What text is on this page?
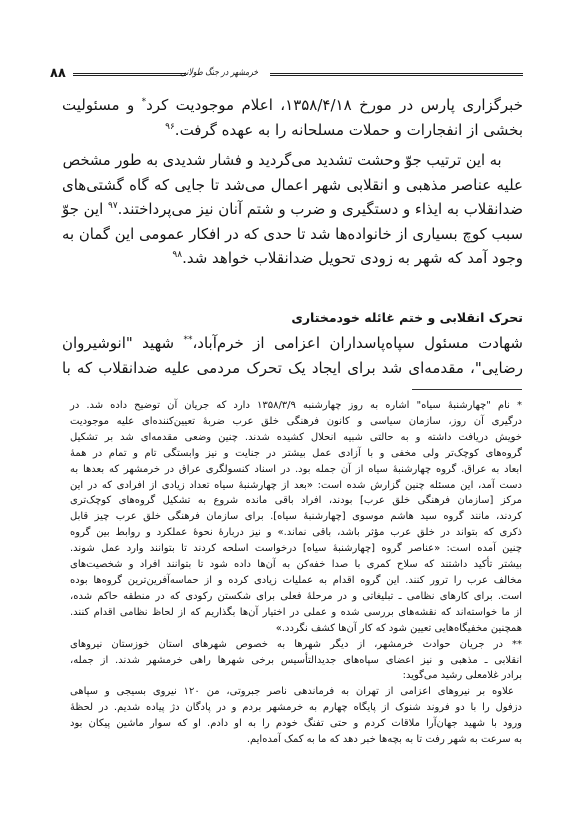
۸۸	خرمشهر در جنگ طولانی
خبرگزاری پارس در مورخ ۱۳۵۸/۴/۱۸، اعلام موجودیت کرد* و مسئولیت
بخشی از انفجارات و حملات مسلحانه را به عهده گرفت.$^{۹۶}$
به این ترتیب جوّ وحشت تشدید می‌گردید و فشار شدیدی به طور مشخص
علیه عناصر مذهبی و انقلابی شهر اعمال می‌شد تا جایی که گاه گشتی‌های
ضدانقلاب به ایذاء و دستگیری و ضرب و شتم آنان نیز می‌پرداختند.$^{۹۷}$ این جوّ
سبب کوچ بسیاری از خانواده‌ها شد تا حدی که در افکار عمومی این گمان به
وجود آمد که شهر به زودی تحویل ضدانقلاب خواهد شد.$^{۹۸}$
تحرک انقلابی و ختم غائله خودمختاری
شهادت مسئول سپاه‌پاسداران اعزامی از خرم‌آباد،** شهید "انوشیروان
رضایی"، مقدمه‌ای شد برای ایجاد یک تحرک مردمی علیه ضدانقلاب که با
* نام "چهارشنبهٔ سیاه" اشاره به روز چهارشنبه ۱۳۵۸/۳/۹ دارد که جریان آن توضیح داده شد. در
درگیری آن روز، سازمان سیاسی و کانون فرهنگی خلق عرب ضربهٔ تعیین‌کننده‌ای علیه موجودیت
خویش دریافت داشته و به حالتی شبیه انحلال کشیده شدند. چنین وضعی مقدمه‌ای شد بر تشکیل
گروه‌های کوچک‌تر ولی مخفی و با آزادی عمل بیشتر در جنایت و نیز وابستگی تام و تمام در همهٔ
ابعاد به عراق. گروه چهارشنبهٔ سیاه از آن جمله بود. در اسناد کنسولگری عراق در خرمشهر که بعدها به
دست آمد، این مسئله چنین گزارش شده است: «بعد از چهارشنبهٔ سیاه تعداد زیادی از افرادی که در این
مرکز [سازمان فرهنگی خلق عرب] بودند، افراد باقی مانده شروع به تشکیل گروه‌های کوچک‌تری
کردند، مانند گروه سید هاشم موسوی [چهارشنبهٔ سیاه]. برای سازمان فرهنگی خلق عرب چیز قابل
ذکری که بتواند در خلق عرب مؤثر باشد، باقی نماند.» و نیز دربارهٔ نحوهٔ عملکرد و روابط بین گروه
چنین آمده است: «عناصر گروه [چهارشنبهٔ سیاه] درخواست اسلحه کردند تا بتوانند وارد عمل شوند.
بیشتر تأکید داشتند که سلاح کمری با صدا خفه‌کن به آن‌ها داده شود تا بتوانند افراد و شخصیت‌های
مخالف عرب را ترور کنند. این گروه اقدام به عملیات زیادی کرده و از حماسه‌آفرین‌ترین گروه‌ها بوده
است. برای کارهای نظامی ـ تبلیغاتی و در مرحلهٔ فعلی برای شکستن رکودی که در منطقه حاکم شده،
از ما خواسته‌اند که نقشه‌های بررسی شده و عملی در اختیار آن‌ها بگذاریم که از لحاظ نظامی اقدام کنند.
همچنین مخفیگاه‌هایی تعیین شود که کار آن‌ها کشف نگردد.»
** در جریان حوادث خرمشهر، از دیگر شهرها به خصوص شهرهای استان خوزستان نیروهای
انقلابی ـ مذهبی و نیز اعضای سپاه‌های جدیدالتأسیس برخی شهرها راهی خرمشهر شدند. از جمله،
برادر غلامعلی رشید می‌گوید:
علاوه بر نیروهای اعزامی از تهران به فرماندهی ناصر جبروتی، من ۱۲۰ نیروی بسیجی و سپاهی
دزفول را با دو فروند شنوک از پایگاه چهارم به خرمشهر بردم و در پادگان دژ پیاده شدیم. در لحظهٔ
ورود با شهید جهان‌آرا ملاقات کردم و حتی تفنگ خودم را به او دادم. او که سوار ماشین پیکان بود
به سرعت به شهر رفت تا به بچه‌ها خبر دهد که ما به کمک آمده‌ایم.
